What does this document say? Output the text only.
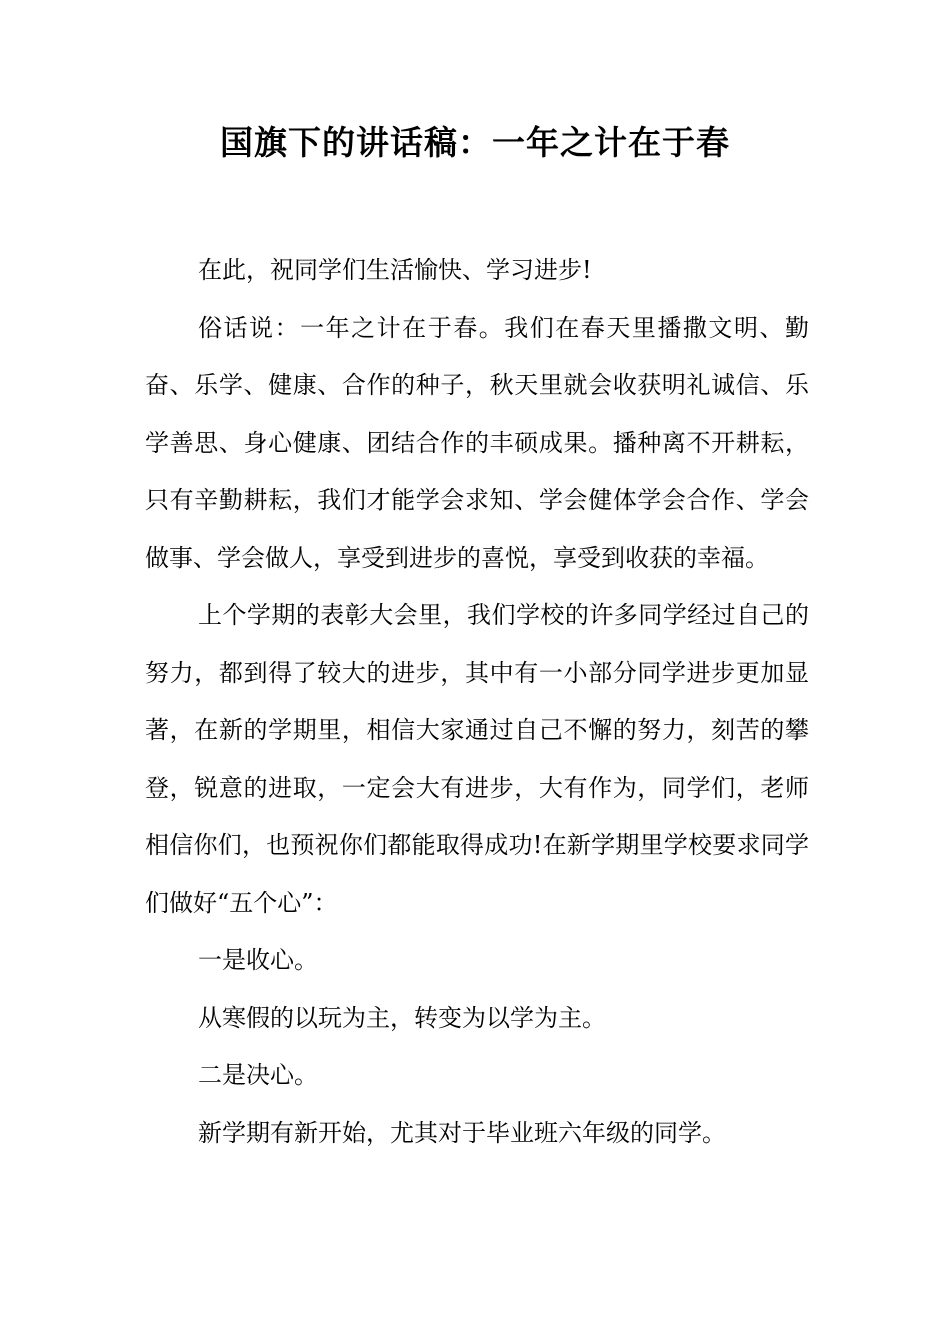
国旗下的讲话稿：一年之计在于春

在此，祝同学们生活愉快、学习进步!

俗话说：一年之计在于春。我们在春天里播撒文明、勤奋、乐学、健康、合作的种子，秋天里就会收获明礼诚信、乐学善思、身心健康、团结合作的丰硕成果。播种离不开耕耘，只有辛勤耕耘，我们才能学会求知、学会健体学会合作、学会做事、学会做人，享受到进步的喜悦，享受到收获的幸福。

上个学期的表彰大会里，我们学校的许多同学经过自己的努力，都到得了较大的进步，其中有一小部分同学进步更加显著，在新的学期里，相信大家通过自己不懈的努力，刻苦的攀登，锐意的进取，一定会大有进步，大有作为，同学们，老师相信你们，也预祝你们都能取得成功!在新学期里学校要求同学们做好“五个心”：

一是收心。

从寒假的以玩为主，转变为以学为主。

二是决心。

新学期有新开始，尤其对于毕业班六年级的同学。
